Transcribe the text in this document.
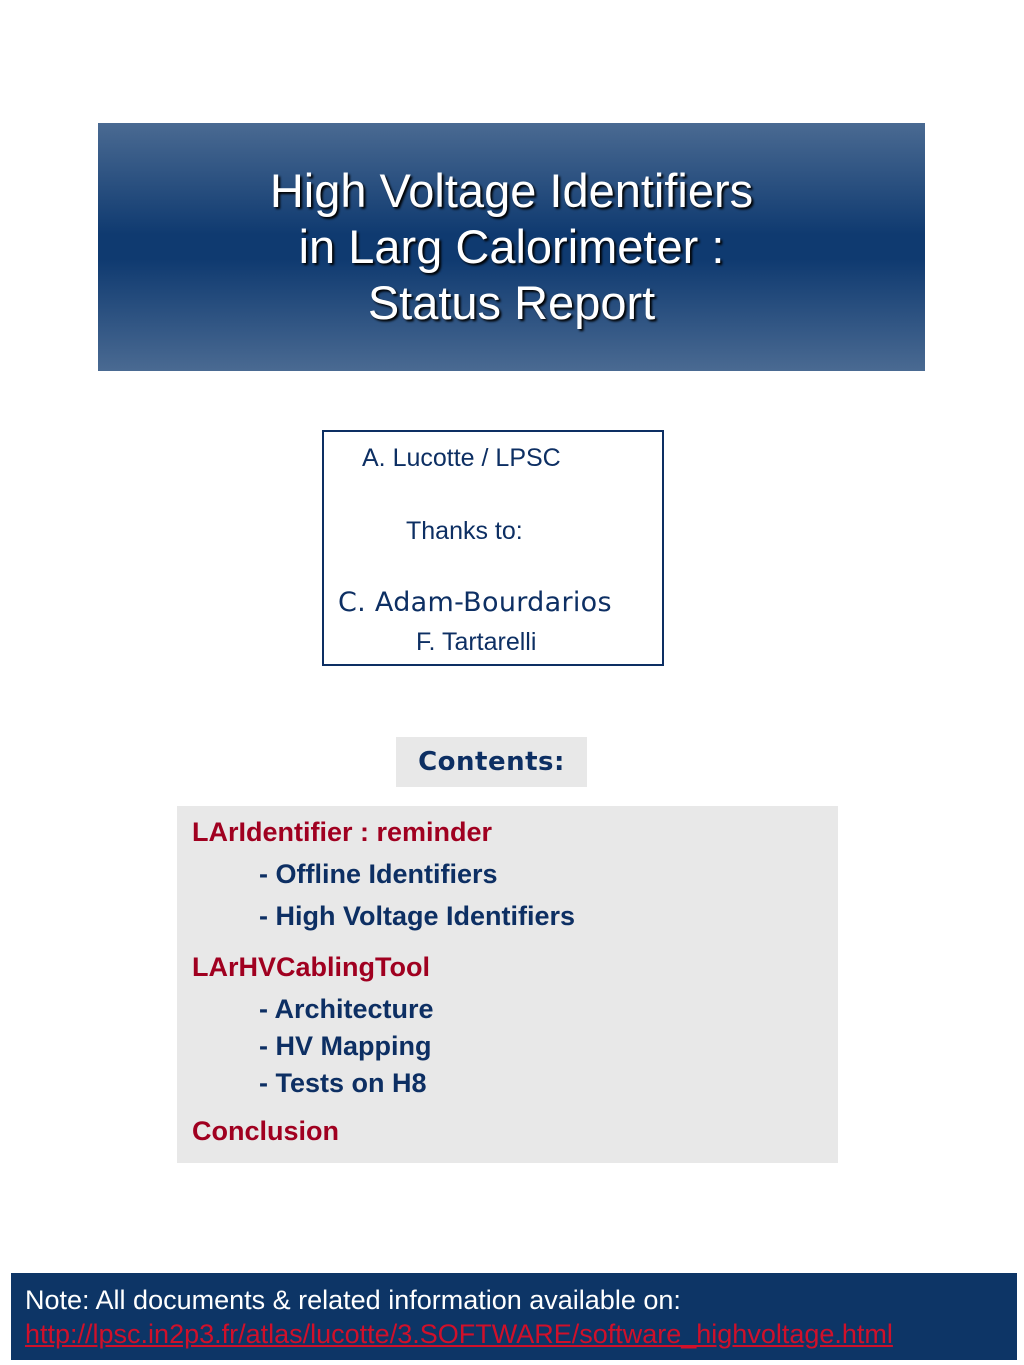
High Voltage Identifiers
in Larg Calorimeter :
Status Report
A. Lucotte / LPSC
Thanks to:
C. Adam-Bourdarios
F. Tartarelli
Contents:
LArIdentifier : reminder
- Offline Identifiers
- High Voltage Identifiers
LArHVCablingTool
- Architecture
- HV Mapping
- Tests on H8
Conclusion
Note: All documents & related information available on:
http://lpsc.in2p3.fr/atlas/lucotte/3.SOFTWARE/software_highvoltage.html
